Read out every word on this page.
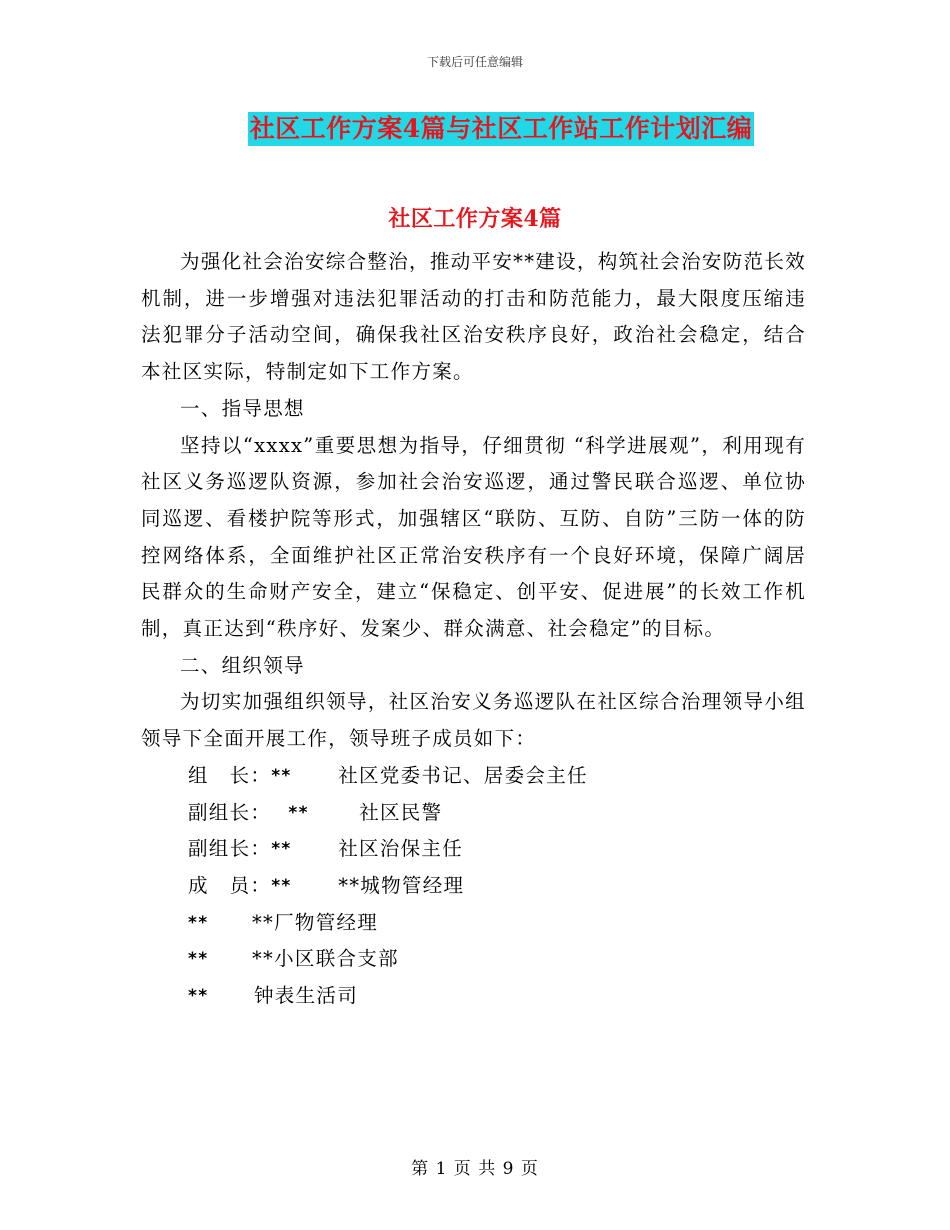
下载后可任意编辑
社区工作方案4篇与社区工作站工作计划汇编
社区工作方案4篇

为强化社会治安综合整治，推动平安**建设，构筑社会治安防范长效机制，进一步增强对违法犯罪活动的打击和防范能力，最大限度压缩违法犯罪分子活动空间，确保我社区治安秩序良好，政治社会稳定，结合本社区实际，特制定如下工作方案。

一、指导思想

坚持以“xxxx”重要思想为指导，仔细贯彻 “科学进展观”，利用现有社区义务巡逻队资源，参加社会治安巡逻，通过警民联合巡逻、单位协同巡逻、看楼护院等形式，加强辖区“联防、互防、自防”三防一体的防控网络体系，全面维护社区正常治安秩序有一个良好环境，保障广阔居民群众的生命财产安全，建立“保稳定、创平安、促进展”的长效工作机制，真正达到“秩序好、发案少、群众满意、社会稳定”的目标。

二、组织领导

为切实加强组织领导，社区治安义务巡逻队在社区综合治理领导小组领导下全面开展工作，领导班子成员如下：

组　长： **	社区党委书记、居委会主任
副组长： **	社区民警
副组长： **	社区治保主任
成　员： **	**城物管经理
**	**厂物管经理
**	**小区联合支部
**	钟表生活司
第 1 页 共 9 页
